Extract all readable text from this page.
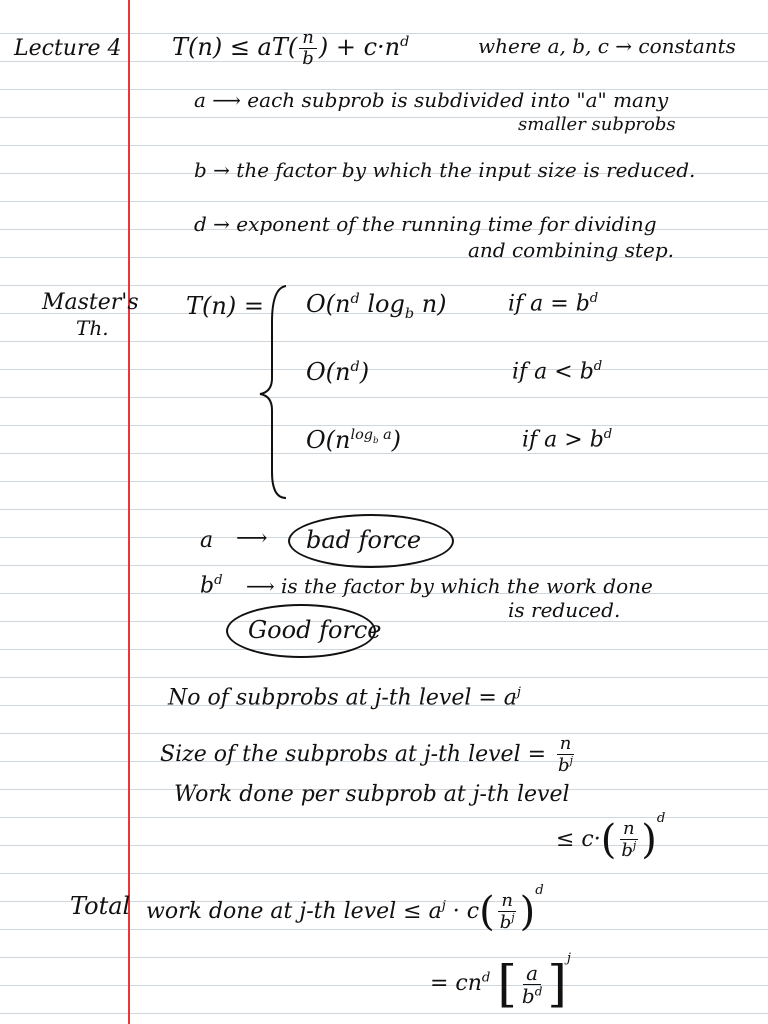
Lecture 4 $T(n) \le aT( \frac{n}{b}$ ) + $c\cdot n^d$	where a, b, c → constants
a ⟶ each subprob is subdivided into "a" many
smaller subprobs
b → the factor by which the input size is reduced.
d → exponent of the running time for dividing
and combining step.
Master's
Th.
$T(n) = O(n^d$ $\log_b n$)	if $a = b^d$
$O(n^d)$	if $a < b^d$
$O(n^{log_b a})$	if $a > b^d$
a ⟶ bad force
$b^d$ ⟶ is the factor by which the work done
is reduced.
Good force
No of subprobs at j-th level = $a^j$
Size of the subprobs at j-th level = $\frac{n}{b^j}$
Work done per subprob at j-th level
≤ $c\cdot( \frac{n}{b^j} )^d$
Total work done at j-th level ≤ $a^j \cdot c( \frac{n}{b^j} )^d$
= $cn^d$ [ $\frac{a}{b^d} ]^j$
